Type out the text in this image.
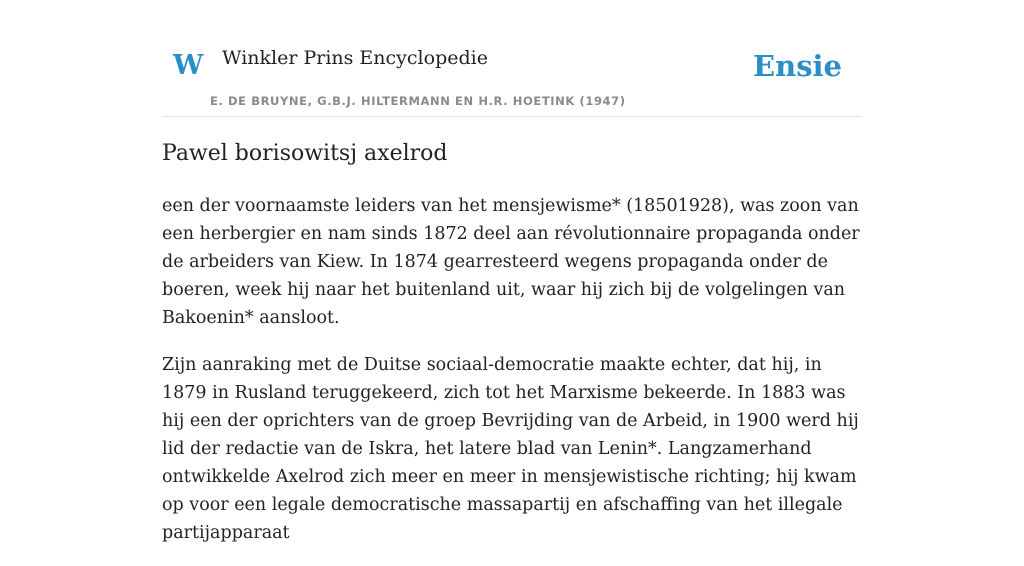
W Winkler Prins Encyclopedie
E. DE BRUYNE, G.B.J. HILTERMANN EN H.R. HOETINK (1947)
Ensie
Pawel borisowitsj axelrod

een der voornaamste leiders van het mensjewisme* (18501928), was zoon van een herbergier en nam sinds 1872 deel aan révolutionnaire propaganda onder de arbeiders van Kiew. In 1874 gearresteerd wegens propaganda onder de boeren, week hij naar het buitenland uit, waar hij zich bij de volgelingen van Bakoenin* aansloot.

Zijn aanraking met de Duitse sociaal-democratie maakte echter, dat hij, in 1879 in Rusland teruggekeerd, zich tot het Marxisme bekeerde. In 1883 was hij een der oprichters van de groep Bevrijding van de Arbeid, in 1900 werd hij lid der redactie van de Iskra, het latere blad van Lenin*. Langzamerhand ontwikkelde Axelrod zich meer en meer in mensjewistische richting; hij kwam op voor een legale democratische massapartij en afschaffing van het illegale partijapparaat
